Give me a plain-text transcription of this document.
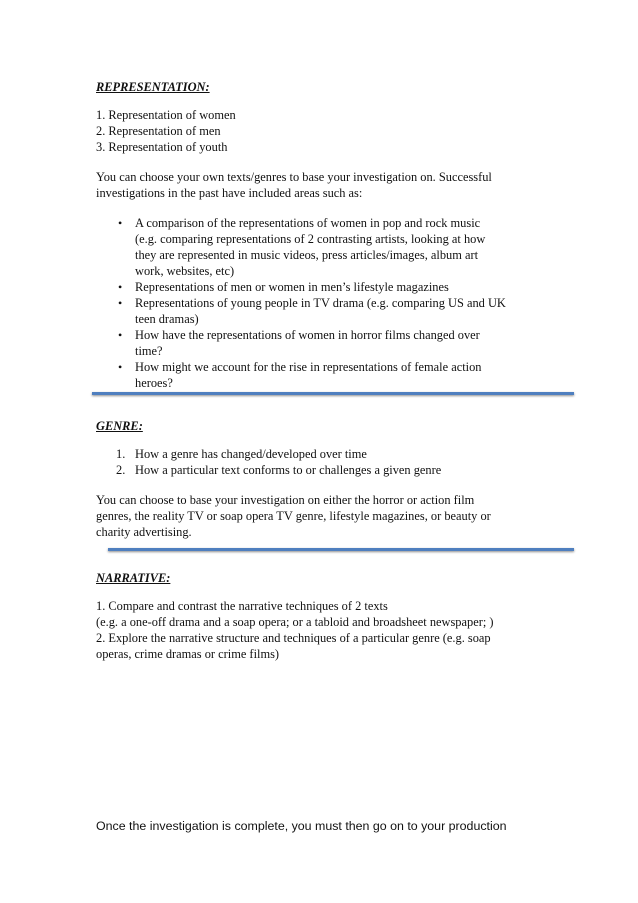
REPRESENTATION:
1. Representation of women
2. Representation of men
3. Representation of youth
You can choose your own texts/genres to base your investigation on. Successful
investigations in the past have included areas such as:
• A comparison of the representations of women in pop and rock music
(e.g. comparing representations of 2 contrasting artists, looking at how
they are represented in music videos, press articles/images, album art
work, websites, etc)
• Representations of men or women in men’s lifestyle magazines
• Representations of young people in TV drama (e.g. comparing US and UK
teen dramas)
• How have the representations of women in horror films changed over
time?
• How might we account for the rise in representations of female action
heroes?
GENRE:
1. How a genre has changed/developed over time
2. How a particular text conforms to or challenges a given genre
You can choose to base your investigation on either the horror or action film
genres, the reality TV or soap opera TV genre, lifestyle magazines, or beauty or
charity advertising.
NARRATIVE:
1. Compare and contrast the narrative techniques of 2 texts
(e.g. a one-off drama and a soap opera; or a tabloid and broadsheet newspaper; )
2. Explore the narrative structure and techniques of a particular genre (e.g. soap
operas, crime dramas or crime films)
Once the investigation is complete, you must then go on to your production
